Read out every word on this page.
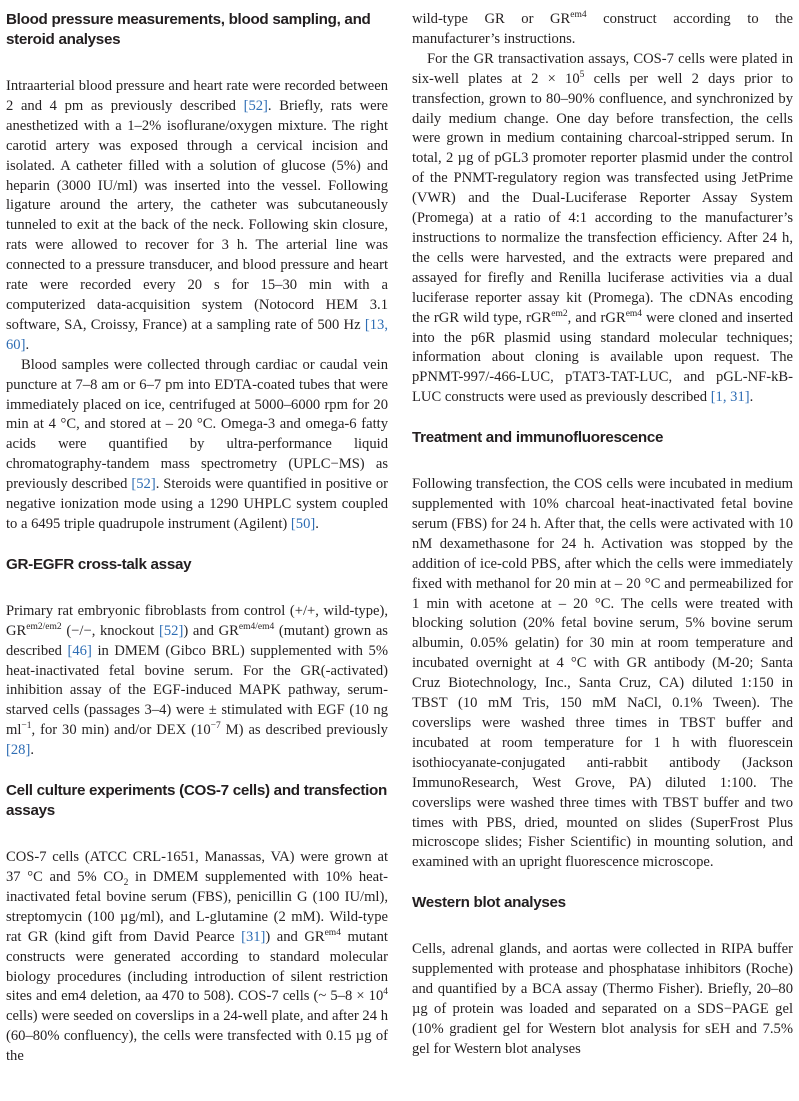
Blood pressure measurements, blood sampling, and steroid analyses

Intraarterial blood pressure and heart rate were recorded between 2 and 4 pm as previously described [52]. Briefly, rats were anesthetized with a 1–2% isoflurane/oxygen mixture. The right carotid artery was exposed through a cervical incision and isolated. A catheter filled with a solution of glucose (5%) and heparin (3000 IU/ml) was inserted into the vessel. Following ligature around the artery, the catheter was subcutaneously tunneled to exit at the back of the neck. Following skin closure, rats were allowed to recover for 3 h. The arterial line was connected to a pressure transducer, and blood pressure and heart rate were recorded every 20 s for 15–30 min with a computerized data-acquisition system (Notocord HEM 3.1 software, SA, Croissy, France) at a sampling rate of 500 Hz [13, 60].

Blood samples were collected through cardiac or caudal vein puncture at 7–8 am or 6–7 pm into EDTA-coated tubes that were immediately placed on ice, centrifuged at 5000–6000 rpm for 20 min at 4 °C, and stored at – 20 °C. Omega-3 and omega-6 fatty acids were quantified by ultra-performance liquid chromatography-tandem mass spectrometry (UPLC−MS) as previously described [52]. Steroids were quantified in positive or negative ionization mode using a 1290 UHPLC system coupled to a 6495 triple quadrupole instrument (Agilent) [50].

GR-EGFR cross-talk assay

Primary rat embryonic fibroblasts from control (+/+, wild-type), $GR^{em2/em2}$ (−/−, knockout [52]) and $GR^{em4/em4}$ (mutant) grown as described [46] in DMEM (Gibco BRL) supplemented with 5% heat-inactivated fetal bovine serum. For the GR(-activated) inhibition assay of the EGF-induced MAPK pathway, serum-starved cells (passages 3–4) were ± stimulated with EGF (10 ng $ml^{-1}$, for 30 min) and/or DEX ($10^{-7}$ M) as described previously [28].

Cell culture experiments (COS-7 cells) and transfection assays

COS-7 cells (ATCC CRL-1651, Manassas, VA) were grown at 37 °C and 5% $CO_2$ in DMEM supplemented with 10% heat-inactivated fetal bovine serum (FBS), penicillin G (100 IU/ml), streptomycin (100 µg/ml), and L-glutamine (2 mM). Wild-type rat GR (kind gift from David Pearce [31]) and $GR^{em4}$ mutant constructs were generated according to standard molecular biology procedures (including introduction of silent restriction sites and em4 deletion, aa 470 to 508). COS-7 cells (~ $5-8 \times 10^4$ cells) were seeded on coverslips in a 24-well plate, and after 24 h (60–80% confluency), the cells were transfected with 0.15 µg of the

wild-type GR or $GR^{em4}$ construct according to the manufacturer’s instructions.

For the GR transactivation assays, COS-7 cells were plated in six-well plates at $2 \times 10^5$ cells per well 2 days prior to transfection, grown to 80–90% confluence, and synchronized by daily medium change. One day before transfection, the cells were grown in medium containing charcoal-stripped serum. In total, 2 µg of pGL3 promoter reporter plasmid under the control of the PNMT-regulatory region was transfected using JetPrime (VWR) and the Dual-Luciferase Reporter Assay System (Promega) at a ratio of 4:1 according to the manufacturer’s instructions to normalize the transfection efficiency. After 24 h, the cells were harvested, and the extracts were prepared and assayed for firefly and Renilla luciferase activities via a dual luciferase reporter assay kit (Promega). The cDNAs encoding the rGR wild type, rGR$^{em2}$, and rGR$^{em4}$ were cloned and inserted into the p6R plasmid using standard molecular techniques; information about cloning is available upon request. The pPNMT-997/-466-LUC, pTAT3-TAT-LUC, and pGL-NF-kB-LUC constructs were used as previously described [1, 31].

Treatment and immunofluorescence

Following transfection, the COS cells were incubated in medium supplemented with 10% charcoal heat-inactivated fetal bovine serum (FBS) for 24 h. After that, the cells were activated with 10 nM dexamethasone for 24 h. Activation was stopped by the addition of ice-cold PBS, after which the cells were immediately fixed with methanol for 20 min at – 20 °C and permeabilized for 1 min with acetone at – 20 °C. The cells were treated with blocking solution (20% fetal bovine serum, 5% bovine serum albumin, 0.05% gelatin) for 30 min at room temperature and incubated overnight at 4 °C with GR antibody (M-20; Santa Cruz Biotechnology, Inc., Santa Cruz, CA) diluted 1:150 in TBST (10 mM Tris, 150 mM NaCl, 0.1% Tween). The coverslips were washed three times in TBST buffer and incubated at room temperature for 1 h with fluorescein isothiocyanate-conjugated anti-rabbit antibody (Jackson ImmunoResearch, West Grove, PA) diluted 1:100. The coverslips were washed three times with TBST buffer and two times with PBS, dried, mounted on slides (SuperFrost Plus microscope slides; Fisher Scientific) in mounting solution, and examined with an upright fluorescence microscope.

Western blot analyses

Cells, adrenal glands, and aortas were collected in RIPA buffer supplemented with protease and phosphatase inhibitors (Roche) and quantified by a BCA assay (Thermo Fisher). Briefly, 20–80 µg of protein was loaded and separated on a SDS−PAGE gel (10% gradient gel for Western blot analysis for sEH and 7.5% gel for Western blot analyses
